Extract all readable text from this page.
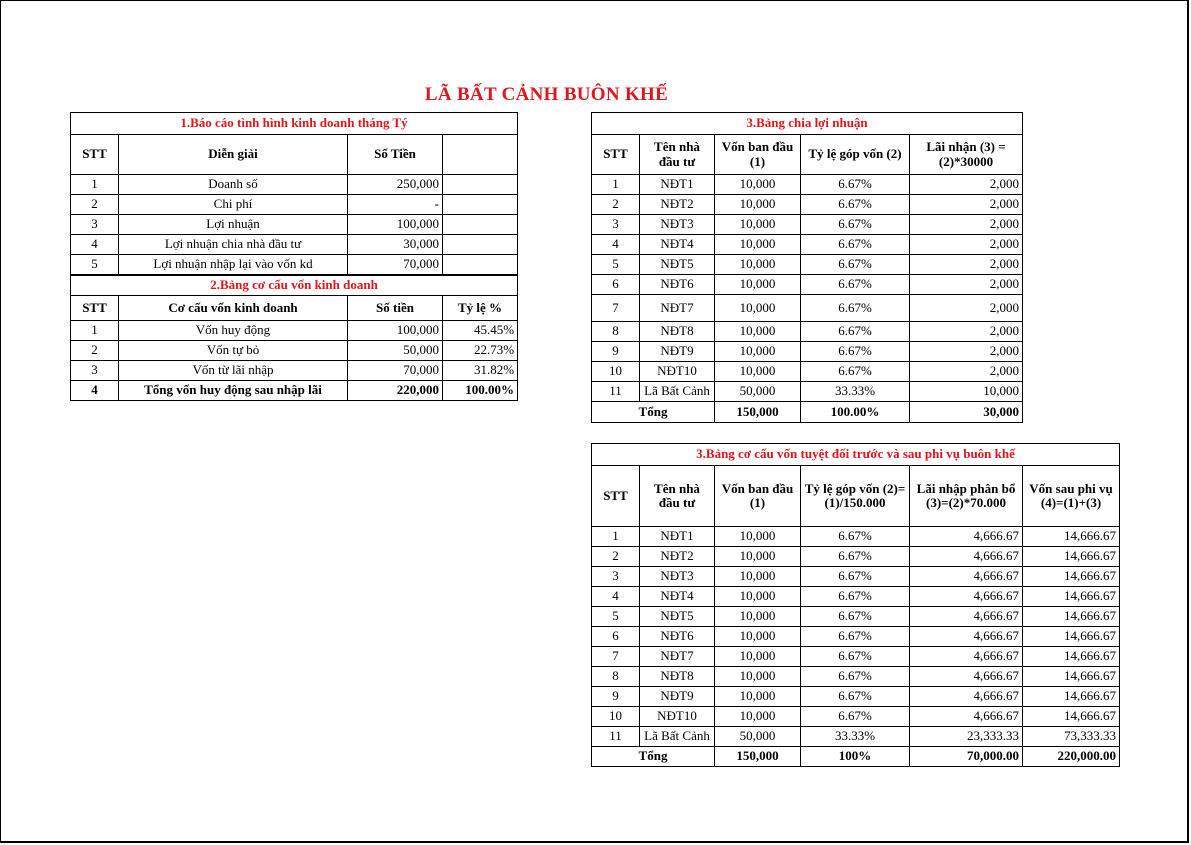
LÃ BẤT CẢNH BUÔN KHẾ
1.Báo cáo tình hình kinh doanh tháng Tý			
STT	Diễn giải	Số Tiền	
1	Doanh số	250,000	
2	Chi phí	-	
3	Lợi nhuận	100,000	
4	Lợi nhuận chia nhà đầu tư	30,000	
5	Lợi nhuận nhập lại vào vốn kd	70,000	
2.Bảng cơ cấu vốn kinh doanh			
STT	Cơ cấu vốn kinh doanh	Số tiền	Tỷ lệ %
1	Vốn huy động	100,000	45.45%
2	Vốn tự bỏ	50,000	22.73%
3	Vốn từ lãi nhập	70,000	31.82%
4	Tổng vốn huy động sau nhập lãi	220,000	100.00%
3.Bảng chia lợi nhuận				
STT	Tên nhà đầu tư	Vốn ban đầu (1)	Tỷ lệ góp vốn (2)	Lãi nhận (3) = (2)*30000
1	NĐT1	10,000	6.67%	2,000
2	NĐT2	10,000	6.67%	2,000
3	NĐT3	10,000	6.67%	2,000
4	NĐT4	10,000	6.67%	2,000
5	NĐT5	10,000	6.67%	2,000
6	NĐT6	10,000	6.67%	2,000
7	NĐT7	10,000	6.67%	2,000
8	NĐT8	10,000	6.67%	2,000
9	NĐT9	10,000	6.67%	2,000
10	NĐT10	10,000	6.67%	2,000
11	Lã Bất Cảnh	50,000	33.33%	10,000
Tổng		150,000	100.00%	30,000
3.Bảng cơ cấu vốn tuyệt đối trước và sau phi vụ buôn khế					
STT	Tên nhà đầu tư	Vốn ban đầu (1)	Tỷ lệ góp vốn (2)= (1)/150.000	Lãi nhập phân bổ (3)=(2)*70.000	Vốn sau phi vụ (4)=(1)+(3)
1	NĐT1	10,000	6.67%	4,666.67	14,666.67
2	NĐT2	10,000	6.67%	4,666.67	14,666.67
3	NĐT3	10,000	6.67%	4,666.67	14,666.67
4	NĐT4	10,000	6.67%	4,666.67	14,666.67
5	NĐT5	10,000	6.67%	4,666.67	14,666.67
6	NĐT6	10,000	6.67%	4,666.67	14,666.67
7	NĐT7	10,000	6.67%	4,666.67	14,666.67
8	NĐT8	10,000	6.67%	4,666.67	14,666.67
9	NĐT9	10,000	6.67%	4,666.67	14,666.67
10	NĐT10	10,000	6.67%	4,666.67	14,666.67
11	Lã Bất Cảnh	50,000	33.33%	23,333.33	73,333.33
Tổng		150,000	100%	70,000.00	220,000.00
